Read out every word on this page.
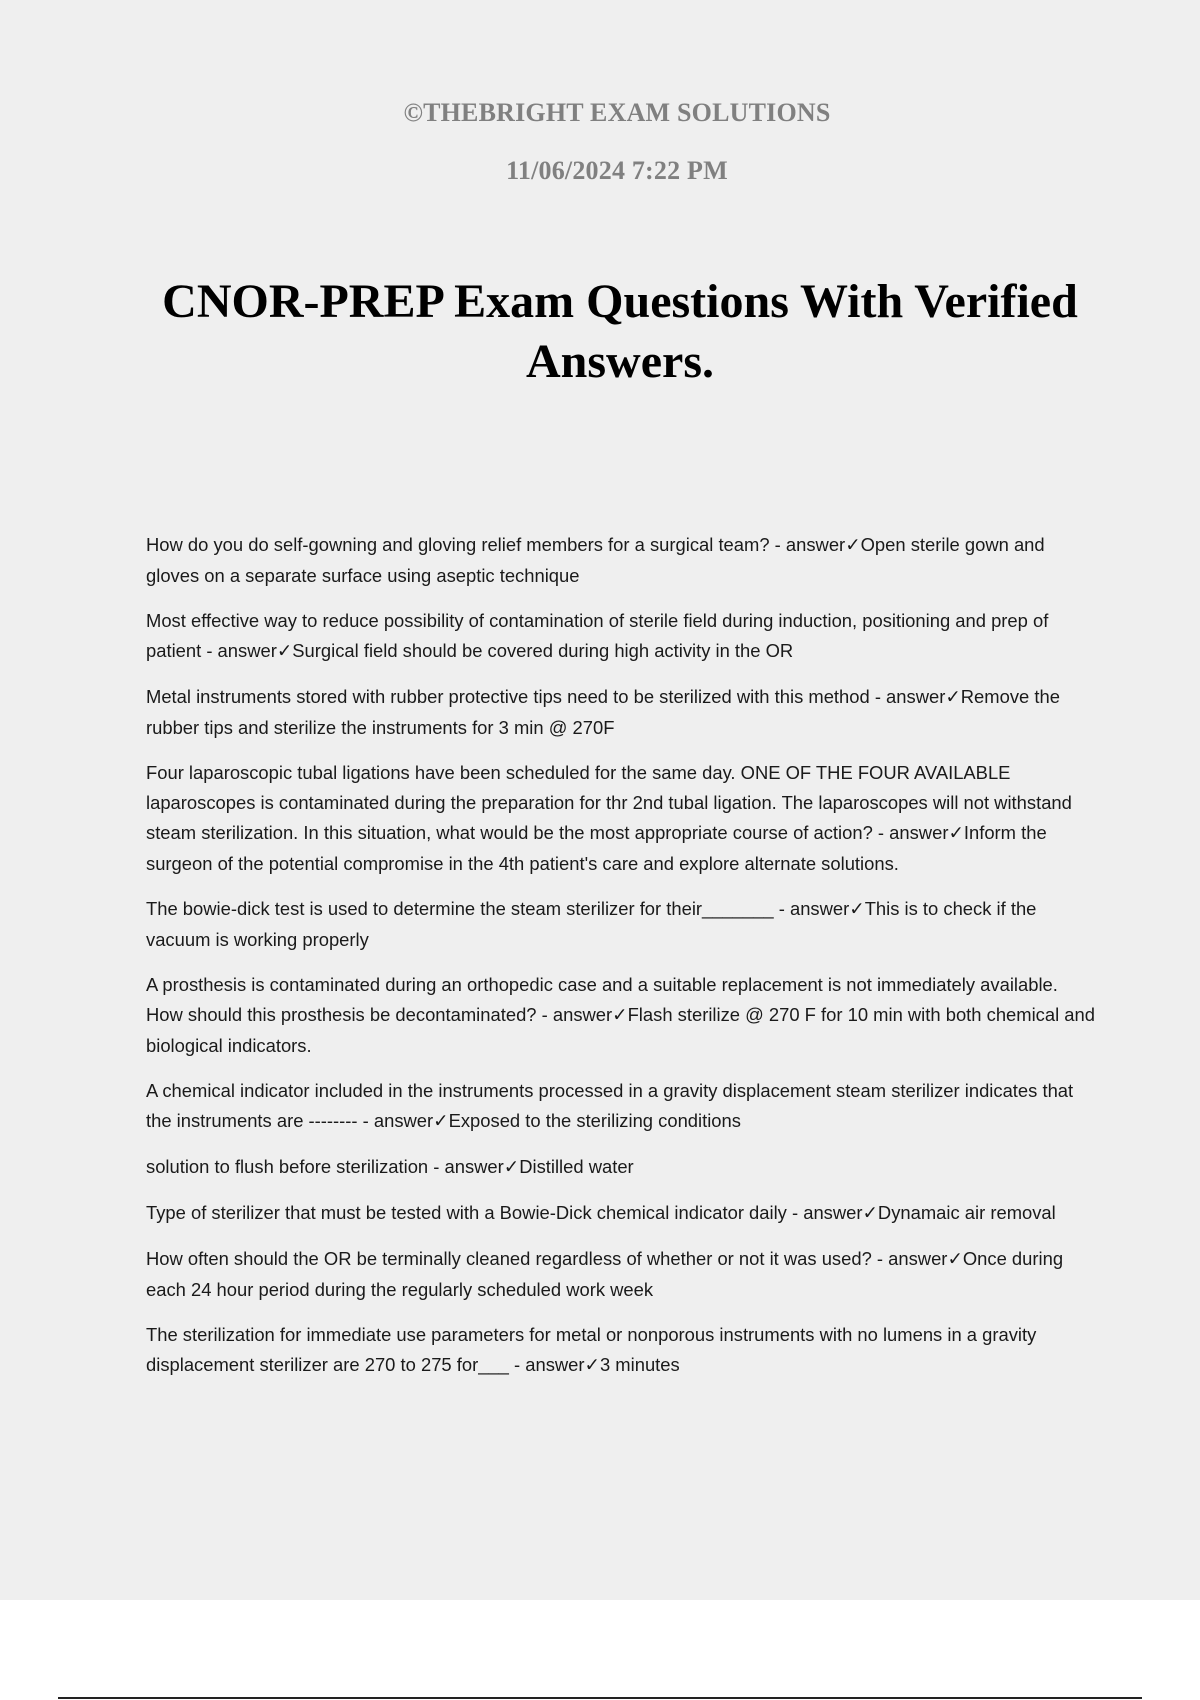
©THEBRIGHT EXAM SOLUTIONS
11/06/2024 7:22 PM
CNOR-PREP Exam Questions With Verified Answers.
How do you do self-gowning and gloving relief members for a surgical team? - answer✓Open sterile gown and gloves on a separate surface using aseptic technique
Most effective way to reduce possibility of contamination of sterile field during induction, positioning and prep of patient - answer✓Surgical field should be covered during high activity in the OR
Metal instruments stored with rubber protective tips need to be sterilized with this method - answer✓Remove the rubber tips and sterilize the instruments for 3 min @ 270F
Four laparoscopic tubal ligations have been scheduled for the same day. ONE OF THE FOUR AVAILABLE laparoscopes is contaminated during the preparation for thr 2nd tubal ligation. The laparoscopes will not withstand steam sterilization. In this situation, what would be the most appropriate course of action? - answer✓Inform the surgeon of the potential compromise in the 4th patient's care and explore alternate solutions.
The bowie-dick test is used to determine the steam sterilizer for their_______ - answer✓This is to check if the vacuum is working properly
A prosthesis is contaminated during an orthopedic case and a suitable replacement is not immediately available. How should this prosthesis be decontaminated? - answer✓Flash sterilize @ 270 F for 10 min with both chemical and biological indicators.
A chemical indicator included in the instruments processed in a gravity displacement steam sterilizer indicates that the instruments are -------- - answer✓Exposed to the sterilizing conditions
solution to flush before sterilization - answer✓Distilled water
Type of sterilizer that must be tested with a Bowie-Dick chemical indicator daily - answer✓Dynamaic air removal
How often should the OR be terminally cleaned regardless of whether or not it was used? - answer✓Once during each 24 hour period during the regularly scheduled work week
The sterilization for immediate use parameters for metal or nonporous instruments with no lumens in a gravity displacement sterilizer are 270 to 275 for___ - answer✓3 minutes
